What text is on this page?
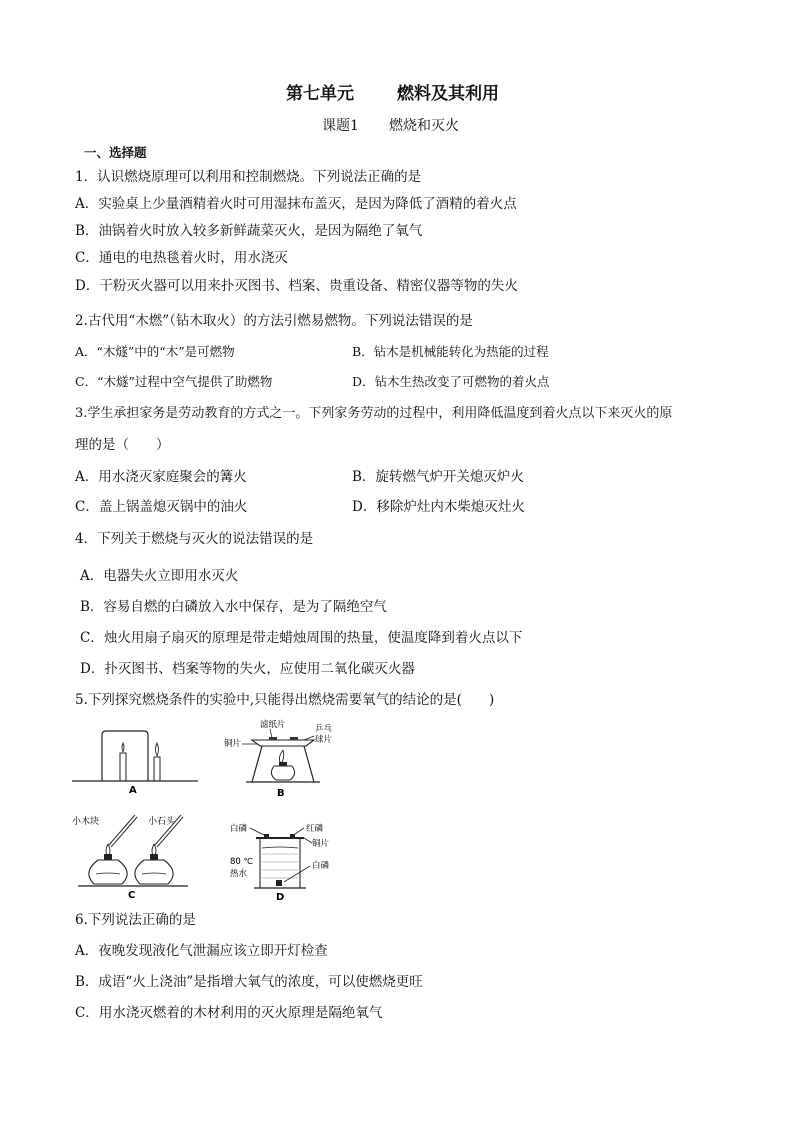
第七单元	燃料及其利用
课题1 燃烧和灭火
一、选择题
1．认识燃烧原理可以利用和控制燃烧。下列说法正确的是
A．实验桌上少量酒精着火时可用湿抹布盖灭，是因为降低了酒精的着火点
B．油锅着火时放入较多新鲜蔬菜灭火，是因为隔绝了氧气
C．通电的电热毯着火时，用水浇灭
D．干粉灭火器可以用来扑灭图书、档案、贵重设备、精密仪器等物的失火
2.古代用“木燃”（钻木取火）的方法引燃易燃物。下列说法错误的是
A．“木燧”中的“木”是可燃物	B．钻木是机械能转化为热能的过程
C．“木燧”过程中空气提供了助燃物	D．钻木生热改变了可燃物的着火点
3.学生承担家务是劳动教育的方式之一。下列家务劳动的过程中，利用降低温度到着火点以下来灭火的原
理的是（　　）
A．用水浇灭家庭聚会的篝火	B．旋转燃气炉开关熄灭炉火
C．盖上锅盖熄灭锅中的油火	D．移除炉灶内木柴熄灭灶火
4．下列关于燃烧与灭火的说法错误的是
A．电器失火立即用水灭火
B．容易自燃的白磷放入水中保存，是为了隔绝空气
C．烛火用扇子扇灭的原理是带走蜡烛周围的热量，使温度降到着火点以下
D．扑灭图书、档案等物的失火，应使用二氧化碳灭火器
5.下列探究燃烧条件的实验中,只能得出燃烧需要氧气的结论的是(　　)
A
滤纸片	乒乓
球片
铜片
B
小木块	小石头
C
白磷	红磷
铜片
80 ℃
热水
白磷
D
6.下列说法正确的是
A．夜晚发现液化气泄漏应该立即开灯检查
B．成语“火上浇油”是指增大氧气的浓度，可以使燃烧更旺
C．用水浇灭燃着的木材利用的灭火原理是隔绝氧气
